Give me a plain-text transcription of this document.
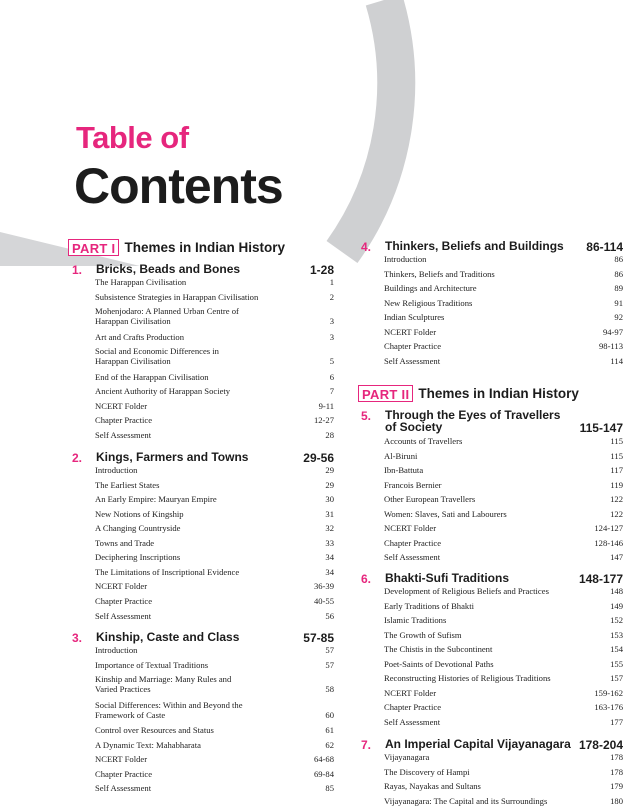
Table of
Contents
PART I Themes in Indian History
PART II Themes in Indian History
1.	Bricks, Beads and Bones	1-28
The Harappan Civilisation	1
Subsistence Strategies in Harappan Civilisation	2
Mohenjodaro: A Planned Urban Centre of
Harappan Civilisation	3
Art and Crafts Production	3
Social and Economic Differences in
Harappan Civilisation	5
End of the Harappan Civilisation	6
Ancient Authority of Harappan Society	7
NCERT Folder	9-11
Chapter Practice	12-27
Self Assessment	28
2.	Kings, Farmers and Towns	29-56
Introduction	29
The Earliest States	29
An Early Empire: Mauryan Empire	30
New Notions of Kingship	31
A Changing Countryside	32
Towns and Trade	33
Deciphering Inscriptions	34
The Limitations of Inscriptional Evidence	34
NCERT Folder	36-39
Chapter Practice	40-55
Self Assessment	56
3.	Kinship, Caste and Class	57-85
Introduction	57
Importance of Textual Traditions	57
Kinship and Marriage: Many Rules and
Varied Practices	58
Social Differences: Within and Beyond the
Framework of Caste	60
Control over Resources and Status	61
A Dynamic Text: Mahabharata	62
NCERT Folder	64-68
Chapter Practice	69-84
Self Assessment	85
4.	Thinkers, Beliefs and Buildings	86-114
Introduction	86
Thinkers, Beliefs and Traditions	86
Buildings and Architecture	89
New Religious Traditions	91
Indian Sculptures	92
NCERT Folder	94-97
Chapter Practice	98-113
Self Assessment	114
5.	Through the Eyes of Travellers
of Society	115-147
Accounts of Travellers	115
Al-Biruni	115
Ibn-Battuta	117
Francois Bernier	119
Other European Travellers	122
Women: Slaves, Sati and Labourers	122
NCERT Folder	124-127
Chapter Practice	128-146
Self Assessment	147
6.	Bhakti-Sufi Traditions	148-177
Development of Religious Beliefs and Practices	148
Early Traditions of Bhakti	149
Islamic Traditions	152
The Growth of Sufism	153
The Chistis in the Subcontinent	154
Poet-Saints of Devotional Paths	155
Reconstructing Histories of Religious Traditions	157
NCERT Folder	159-162
Chapter Practice	163-176
Self Assessment	177
7.	An Imperial Capital Vijayanagara 178-204
Vijayanagara	178
The Discovery of Hampi	178
Rayas, Nayakas and Sultans	179
Vijayanagara: The Capital and its Surroundings	180
